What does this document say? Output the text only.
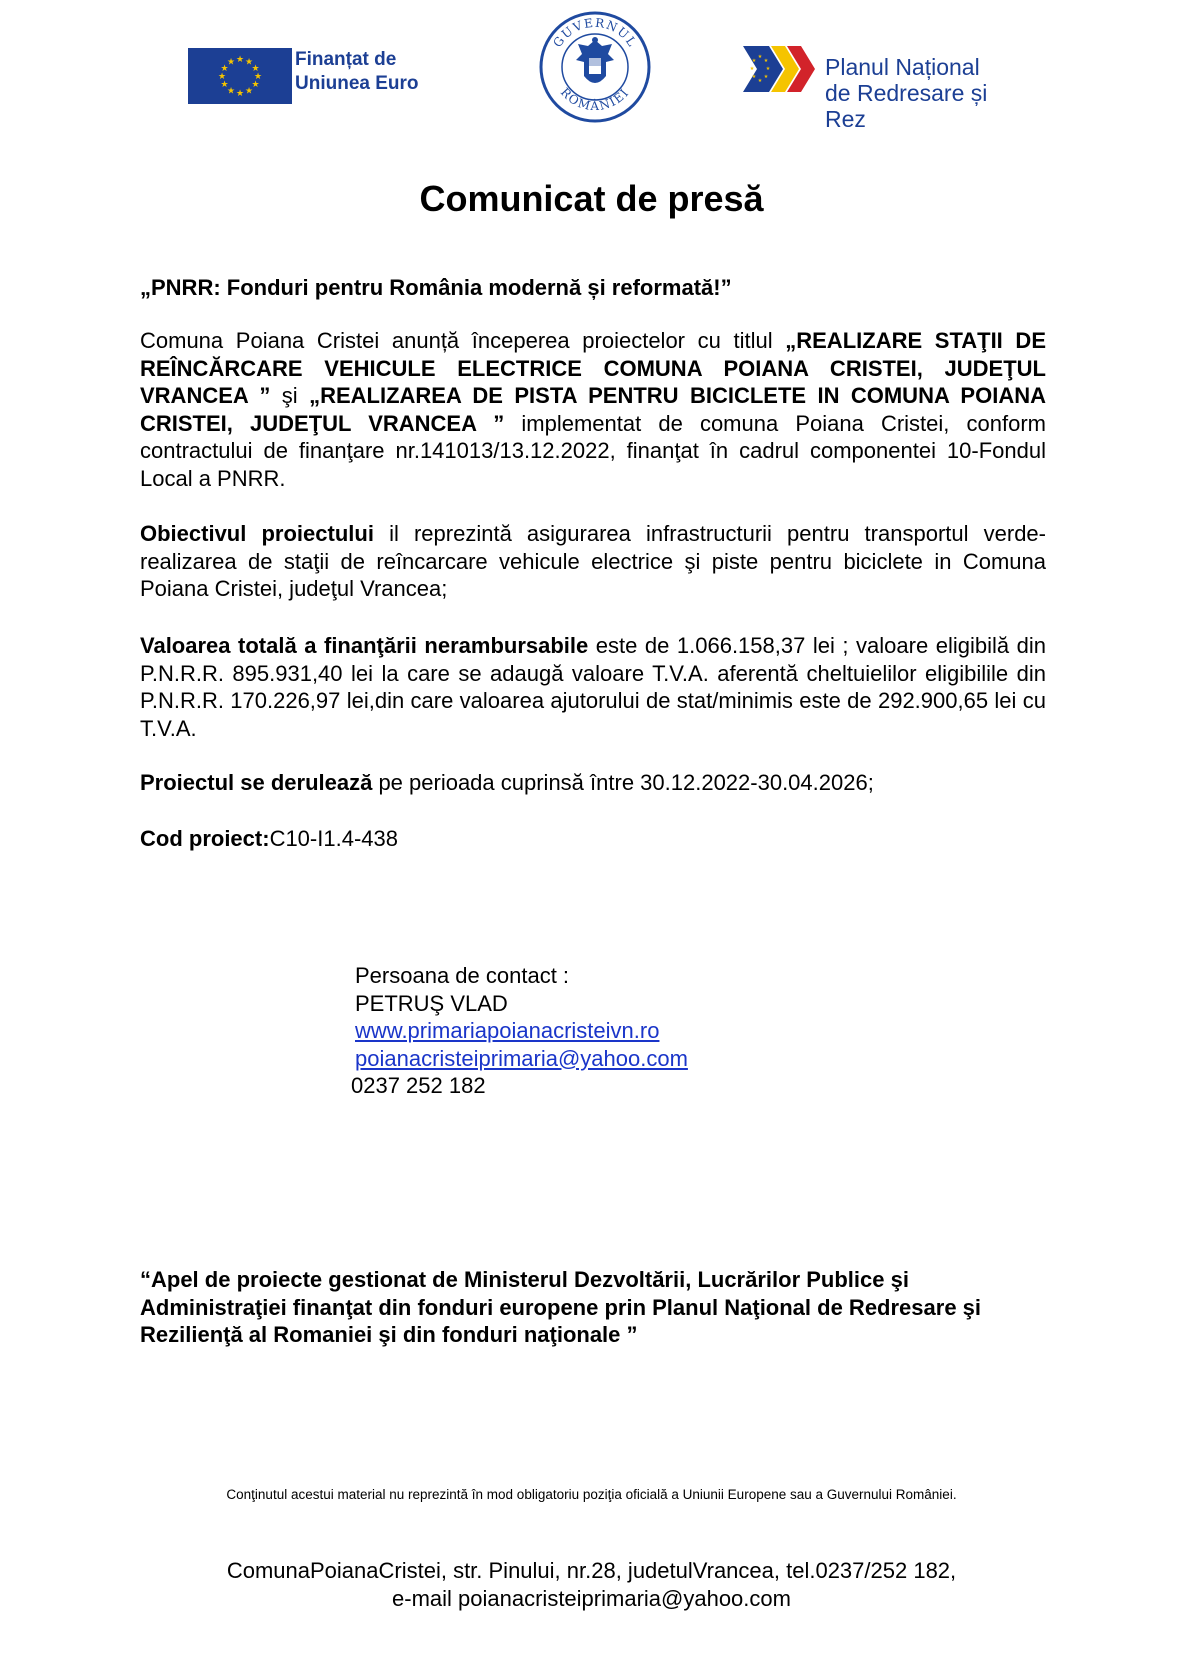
★ ★
★
★
★
★
★
★
★
★
★
★	Finanțat de
Uniunea Euro
GUVERNUL
ROMÂNIEI
★
★
★
★
★
★
★
★	Planul Național
de Redresare și Rez
Comunicat de presă
„PNRR: Fonduri pentru România modernă și reformată!”
Comuna Poiana Cristei anunță începerea proiectelor cu titlul „REALIZARE STAŢII DE REÎNCĂRCARE VEHICULE ELECTRICE COMUNA POIANA CRISTEI, JUDEŢUL VRANCEA ” şi „REALIZAREA DE PISTA PENTRU BICICLETE IN COMUNA POIANA CRISTEI, JUDEŢUL VRANCEA ” implementat de comuna Poiana Cristei, conform contractului de finanţare nr.141013/13.12.2022, finanţat în cadrul componentei 10-Fondul Local a PNRR.
Obiectivul proiectului il reprezintă asigurarea infrastructurii pentru transportul verde-realizarea de staţii de reîncarcare vehicule electrice şi piste pentru biciclete in Comuna Poiana Cristei, judeţul Vrancea;
Valoarea totală a finanţării nerambursabile este de 1.066.158,37 lei ; valoare eligibilă din P.N.R.R. 895.931,40 lei la care se adaugă valoare T.V.A. aferentă cheltuielilor eligibilile din P.N.R.R. 170.226,97 lei,din care valoarea ajutorului de stat/minimis este de 292.900,65 lei cu T.V.A.
Proiectul se derulează pe perioada cuprinsă între 30.12.2022-30.04.2026;
Cod proiect:C10-I1.4-438
Persoana de contact :
PETRUŞ VLAD
www.primariapoianacristeivn.ro
poianacristeiprimaria@yahoo.com
0237 252 182
“Apel de proiecte gestionat de Ministerul Dezvoltării, Lucrărilor Publice şi Administraţiei finanţat din fonduri europene prin Planul Naţional de Redresare şi Rezilienţă al Romaniei şi din fonduri naţionale ”
Conţinutul acestui material nu reprezintă în mod obligatoriu poziţia oficială a Uniunii Europene sau a Guvernului României.
ComunaPoianaCristei, str. Pinului, nr.28, judetulVrancea, tel.0237/252 182,
e-mail poianacristeiprimaria@yahoo.com
